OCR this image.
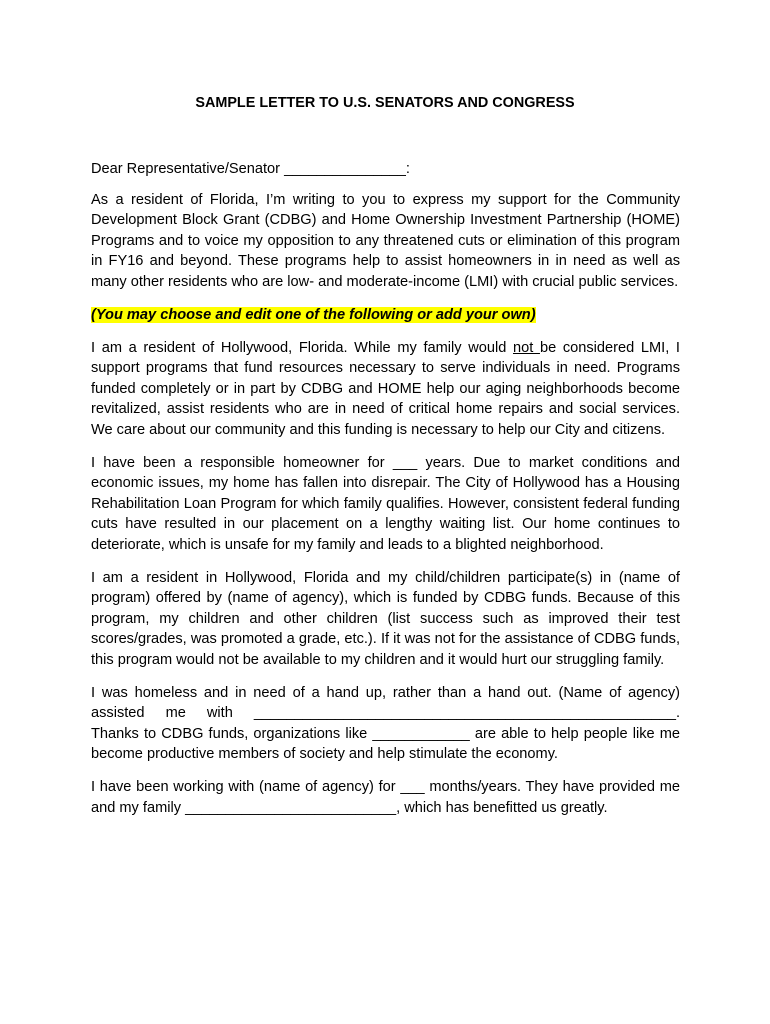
SAMPLE LETTER TO U.S. SENATORS AND CONGRESS

Dear Representative/Senator _______________:

As a resident of Florida, I’m writing to you to express my support for the Community Development Block Grant (CDBG) and Home Ownership Investment Partnership (HOME) Programs and to voice my opposition to any threatened cuts or elimination of this program in FY16 and beyond. These programs help to assist homeowners in in need as well as many other residents who are low- and moderate-income (LMI) with crucial public services.

(You may choose and edit one of the following or add your own)

I am a resident of Hollywood, Florida. While my family would not be considered LMI, I support programs that fund resources necessary to serve individuals in need. Programs funded completely or in part by CDBG and HOME help our aging neighborhoods become revitalized, assist residents who are in need of critical home repairs and social services. We care about our community and this funding is necessary to help our City and citizens.

I have been a responsible homeowner for ___ years. Due to market conditions and economic issues, my home has fallen into disrepair. The City of Hollywood has a Housing Rehabilitation Loan Program for which family qualifies. However, consistent federal funding cuts have resulted in our placement on a lengthy waiting list. Our home continues to deteriorate, which is unsafe for my family and leads to a blighted neighborhood.

I am a resident in Hollywood, Florida and my child/children participate(s) in (name of program) offered by (name of agency), which is funded by CDBG funds. Because of this program, my children and other children (list success such as improved their test scores/grades, was promoted a grade, etc.). If it was not for the assistance of CDBG funds, this program would not be available to my children and it would hurt our struggling family.

I was homeless and in need of a hand up, rather than a hand out. (Name of agency) assisted me with ____________________________________________________. Thanks to CDBG funds, organizations like ____________ are able to help people like me become productive members of society and help stimulate the economy.

I have been working with (name of agency) for ___ months/years. They have provided me and my family __________________________, which has benefitted us greatly.
